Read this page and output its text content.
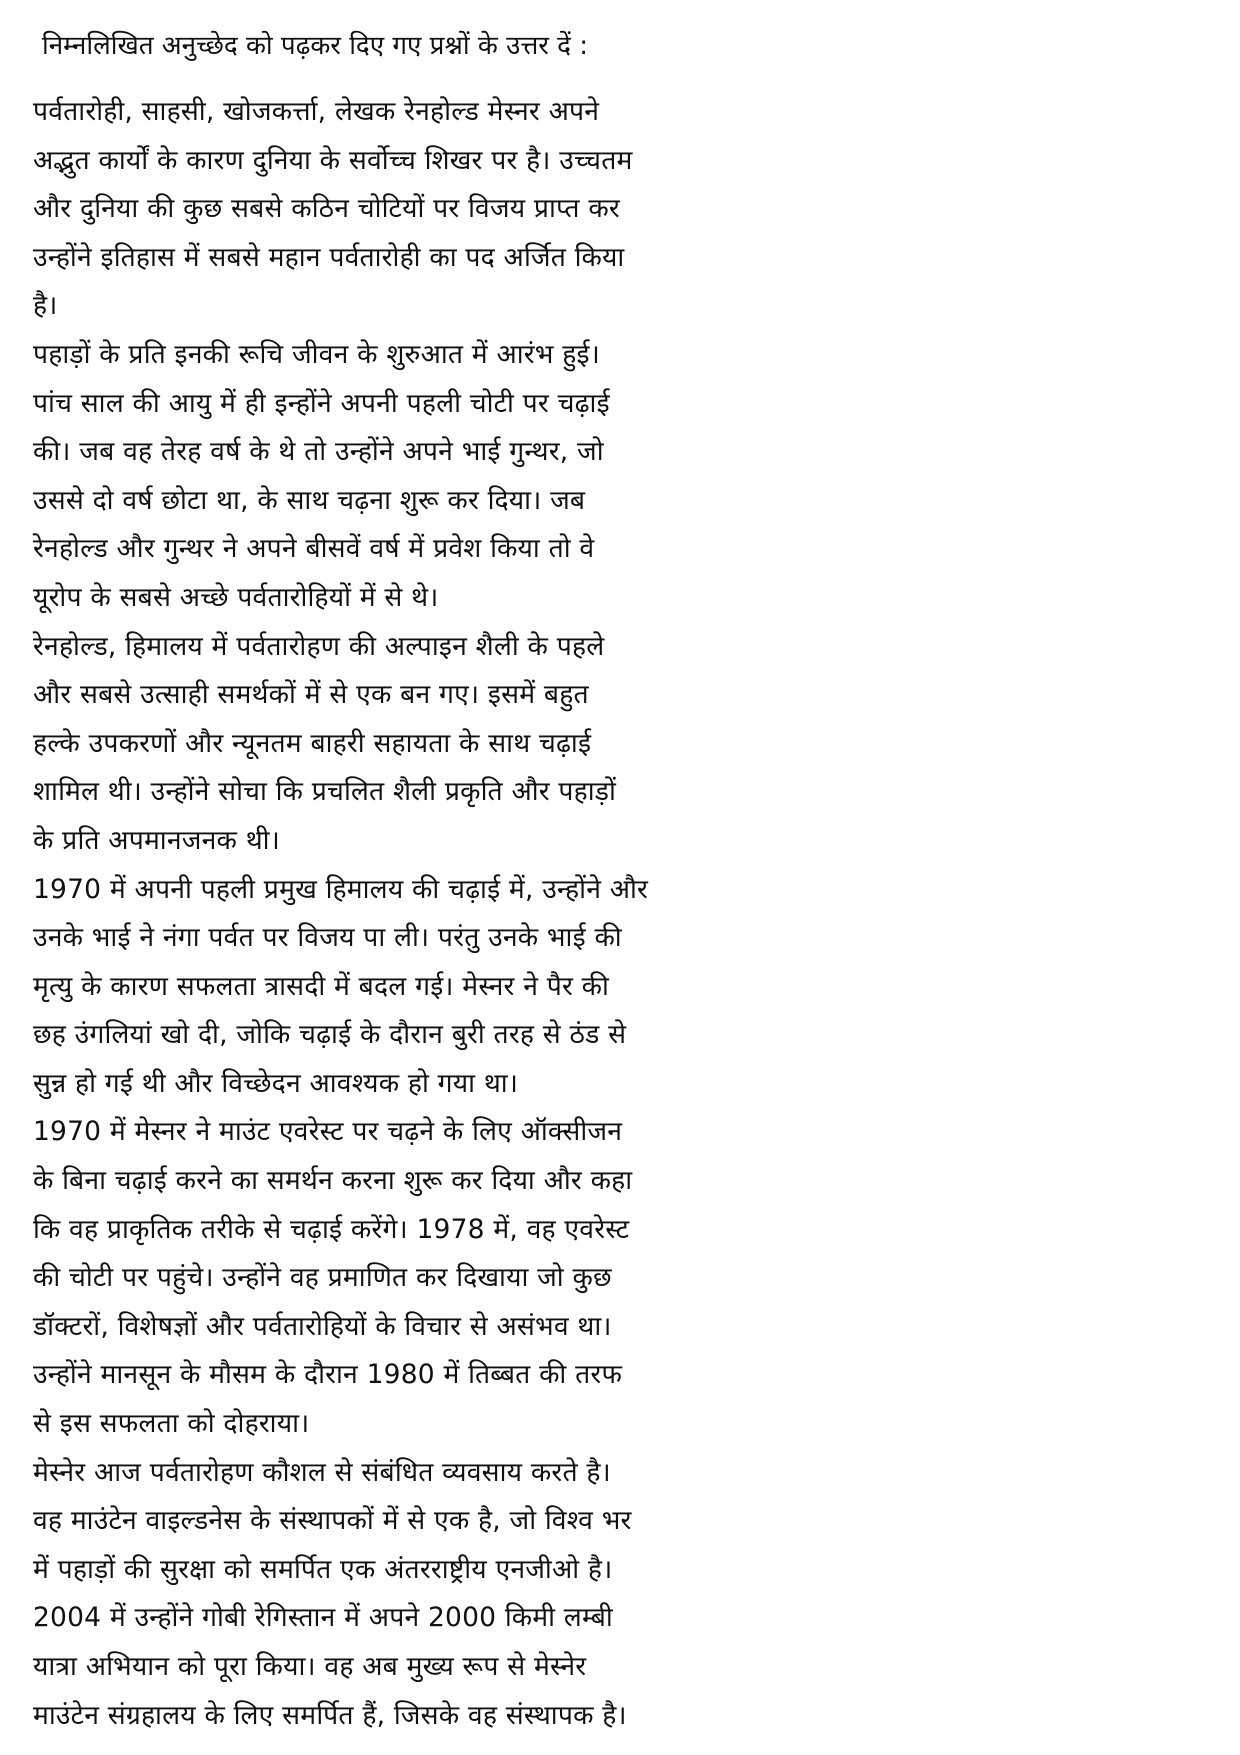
निम्नलिखित अनुच्छेद को पढ़कर दिए गए प्रश्नों के उत्तर दें :
पर्वतारोही, साहसी, खोजकर्त्ता, लेखक रेनहोल्ड मेस्नर अपने
अद्भुत कार्यों के कारण दुनिया के सर्वोच्च शिखर पर है। उच्चतम
और दुनिया की कुछ सबसे कठिन चोटियों पर विजय प्राप्त कर
उन्होंने इतिहास में सबसे महान पर्वतारोही का पद अर्जित किया
है।
पहाड़ों के प्रति इनकी रूचि जीवन के शुरुआत में आरंभ हुई।
पांच साल की आयु में ही इन्होंने अपनी पहली चोटी पर चढ़ाई
की। जब वह तेरह वर्ष के थे तो उन्होंने अपने भाई गुन्थर, जो
उससे दो वर्ष छोटा था, के साथ चढ़ना शुरू कर दिया। जब
रेनहोल्ड और गुन्थर ने अपने बीसवें वर्ष में प्रवेश किया तो वे
यूरोप के सबसे अच्छे पर्वतारोहियों में से थे।
रेनहोल्ड, हिमालय में पर्वतारोहण की अल्पाइन शैली के पहले
और सबसे उत्साही समर्थकों में से एक बन गए। इसमें बहुत
हल्के उपकरणों और न्यूनतम बाहरी सहायता के साथ चढ़ाई
शामिल थी। उन्होंने सोचा कि प्रचलित शैली प्रकृति और पहाड़ों
के प्रति अपमानजनक थी।
1970 में अपनी पहली प्रमुख हिमालय की चढ़ाई में, उन्होंने और
उनके भाई ने नंगा पर्वत पर विजय पा ली। परंतु उनके भाई की
मृत्यु के कारण सफलता त्रासदी में बदल गई। मेस्नर ने पैर की
छह उंगलियां खो दी, जोकि चढ़ाई के दौरान बुरी तरह से ठंड से
सुन्न हो गई थी और विच्छेदन आवश्यक हो गया था।
1970 में मेस्नर ने माउंट एवरेस्ट पर चढ़ने के लिए ऑक्सीजन
के बिना चढ़ाई करने का समर्थन करना शुरू कर दिया और कहा
कि वह प्राकृतिक तरीके से चढ़ाई करेंगे। 1978 में, वह एवरेस्ट
की चोटी पर पहुंचे। उन्होंने वह प्रमाणित कर दिखाया जो कुछ
डॉक्टरों, विशेषज्ञों और पर्वतारोहियों के विचार से असंभव था।
उन्होंने मानसून के मौसम के दौरान 1980 में तिब्बत की तरफ
से इस सफलता को दोहराया।
मेस्नेर आज पर्वतारोहण कौशल से संबंधित व्यवसाय करते है।
वह माउंटेन वाइल्डनेस के संस्थापकों में से एक है, जो विश्व भर
में पहाड़ों की सुरक्षा को समर्पित एक अंतरराष्ट्रीय एनजीओ है।
2004 में उन्होंने गोबी रेगिस्तान में अपने 2000 किमी लम्बी
यात्रा अभियान को पूरा किया। वह अब मुख्य रूप से मेस्नेर
माउंटेन संग्रहालय के लिए समर्पित हैं, जिसके वह संस्थापक है।
